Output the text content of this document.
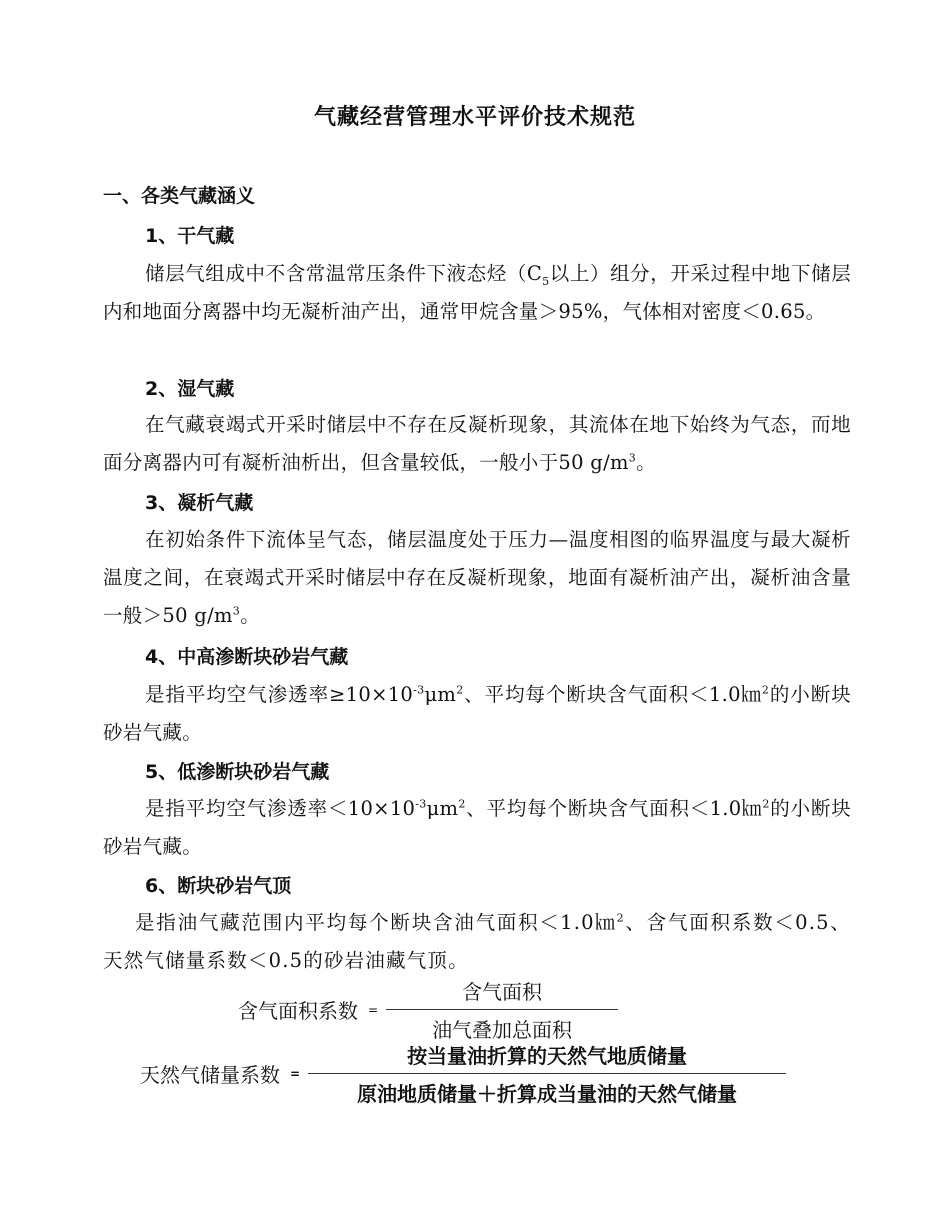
气藏经营管理水平评价技术规范
一、各类气藏涵义
1、干气藏
储层气组成中不含常温常压条件下液态烃（$C_5$以上）组分，开采过程中地下储层内和地面分离器中均无凝析油产出，通常甲烷含量＞95%，气体相对密度＜0.65。
2、湿气藏
在气藏衰竭式开采时储层中不存在反凝析现象，其流体在地下始终为气态，而地面分离器内可有凝析油析出，但含量较低，一般小于50 $g/m^3$。
3、凝析气藏
在初始条件下流体呈气态，储层温度处于压力—温度相图的临界温度与最大凝析温度之间，在衰竭式开采时储层中存在反凝析现象，地面有凝析油产出，凝析油含量一般＞50 $g/m^3$。
4、中高渗断块砂岩气藏
是指平均空气渗透率$\ge 10\times 10^{-3}\mu m^2$、平均每个断块含气面积＜1.0㎞$^2$的小断块砂岩气藏。
5、低渗断块砂岩气藏
是指平均空气渗透率$<10\times 10^{-3}\mu m^2$、平均每个断块含气面积＜1.0㎞$^2$的小断块砂岩气藏。
6、断块砂岩气顶
是指油气藏范围内平均每个断块含油气面积＜1.0㎞$^2$、含气面积系数＜0.5、天然气储量系数＜0.5的砂岩油藏气顶。
含气面积系数 = $\frac{\text{含气面积}}{\text{油气叠加总面积}}$
天然气储量系数 = $\frac{\text{按当量油折算的天然气地质储量}}{\text{原油地质储量＋折算成当量油的天然气储量}}$
